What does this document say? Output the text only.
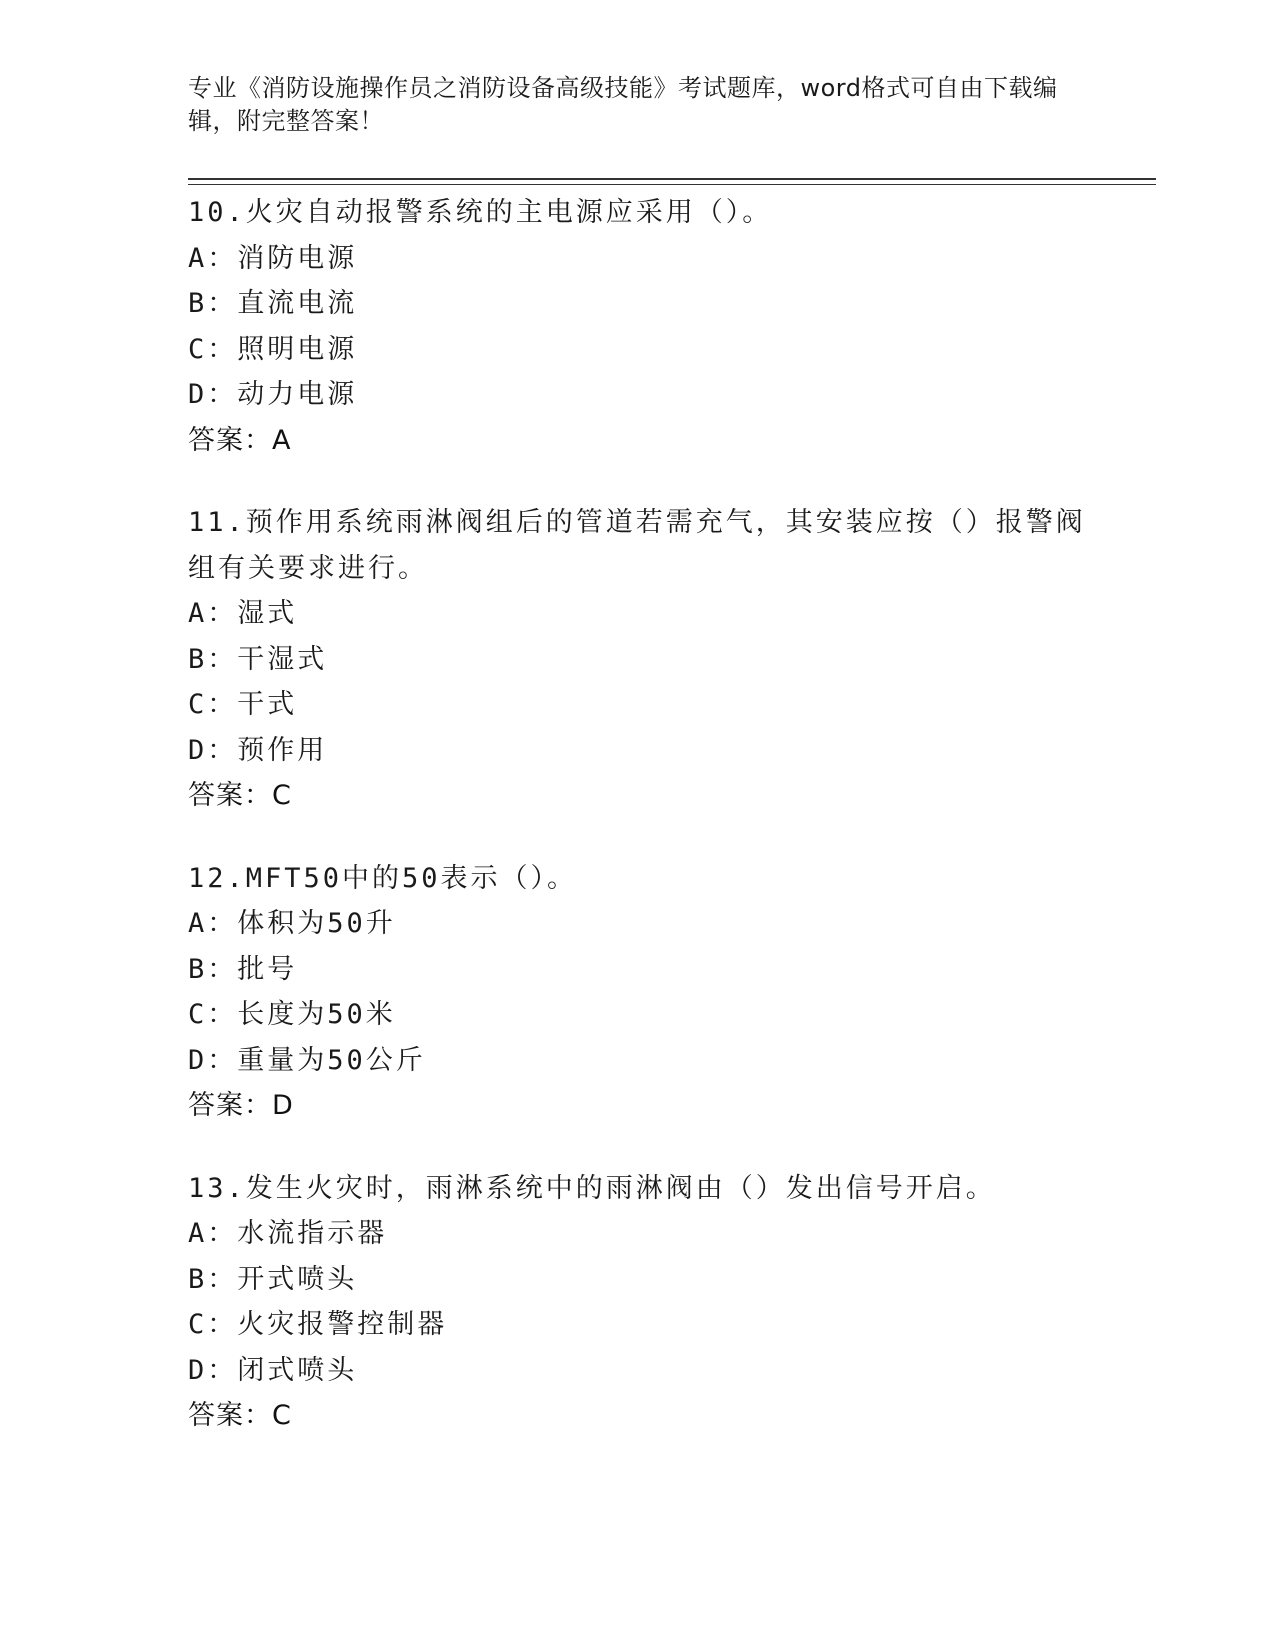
专业《消防设施操作员之消防设备高级技能》考试题库，word格式可自由下载编辑，附完整答案！

10.火灾自动报警系统的主电源应采用（）。

A：消防电源

B：直流电流

C：照明电源

D：动力电源

答案：A

11.预作用系统雨淋阀组后的管道若需充气，其安装应按（）报警阀组有关要求进行。

A：湿式

B：干湿式

C：干式

D：预作用

答案：C

12.MFT50中的50表示（）。

A：体积为50升

B：批号

C：长度为50米

D：重量为50公斤

答案：D

13.发生火灾时，雨淋系统中的雨淋阀由（）发出信号开启。

A：水流指示器

B：开式喷头

C：火灾报警控制器

D：闭式喷头

答案：C
